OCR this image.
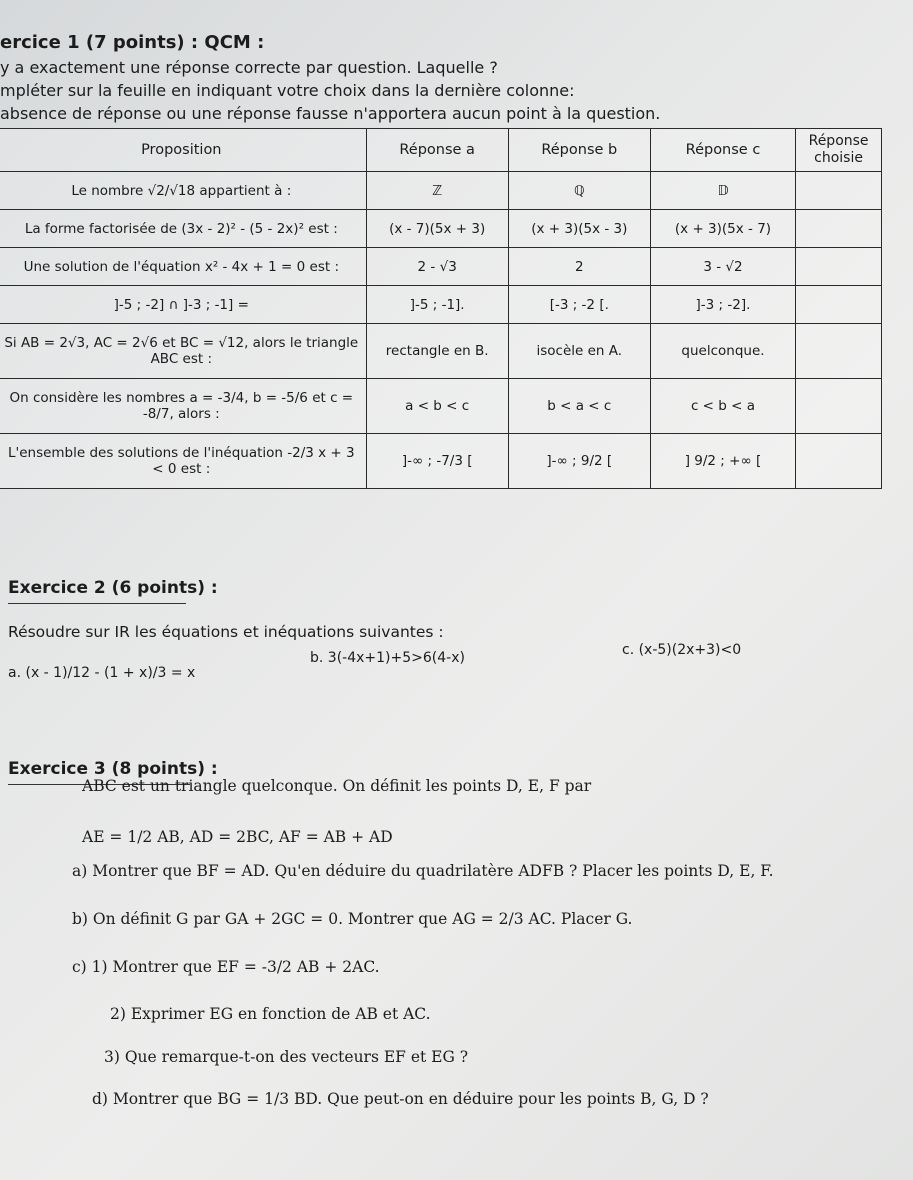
ercice 1 (7 points) : QCM :
y a exactement une réponse correcte par question. Laquelle ?
mpléter sur la feuille en indiquant votre choix dans la dernière colonne:
absence de réponse ou une réponse fausse n'apportera aucun point à la question.
Proposition	Réponse a	Réponse b	Réponse c	Réponse choisie
Le nombre √2/√18 appartient à :	ℤ	ℚ	𝔻	
La forme factorisée de (3x - 2)² - (5 - 2x)² est :	(x - 7)(5x + 3)	(x + 3)(5x - 3)	(x + 3)(5x - 7)	
Une solution de l'équation x² - 4x + 1 = 0 est :	2 - √3	2	3 - √2	
]-5 ; -2] ∩ ]-3 ; -1] =	]-5 ; -1].	[-3 ; -2 [.	]-3 ; -2].	
Si AB = 2√3, AC = 2√6 et BC = √12, alors le triangle ABC est :	rectangle en B.	isocèle en A.	quelconque.	
On considère les nombres a = -3/4, b = -5/6 et c = -8/7, alors :	a < b < c	b < a < c	c < b < a	
L'ensemble des solutions de l'inéquation -2/3 x + 3 < 0 est :	]-∞ ; -7/3 [	]-∞ ; 9/2 [	] 9/2 ; +∞ [	
Exercice 2 (6 points) :
Résoudre sur IR les équations et inéquations suivantes :
a. (x - 1)/12 - (1 + x)/3 = x
b. 3(-4x+1)+5>6(4-x)	c. (x-5)(2x+3)<0
Exercice 3 (8 points) :
ABC est un triangle quelconque. On définit les points D, E, F par
AE = 1/2 AB, AD = 2BC, AF = AB + AD
a) Montrer que BF = AD. Qu'en déduire du quadrilatère ADFB ? Placer les points D, E, F.
b) On définit G par GA + 2GC = 0. Montrer que AG = 2/3 AC. Placer G.
c) 1) Montrer que EF = -3/2 AB + 2AC.
2) Exprimer EG en fonction de AB et AC.
3) Que remarque-t-on des vecteurs EF et EG ?
d) Montrer que BG = 1/3 BD. Que peut-on en déduire pour les points B, G, D ?
